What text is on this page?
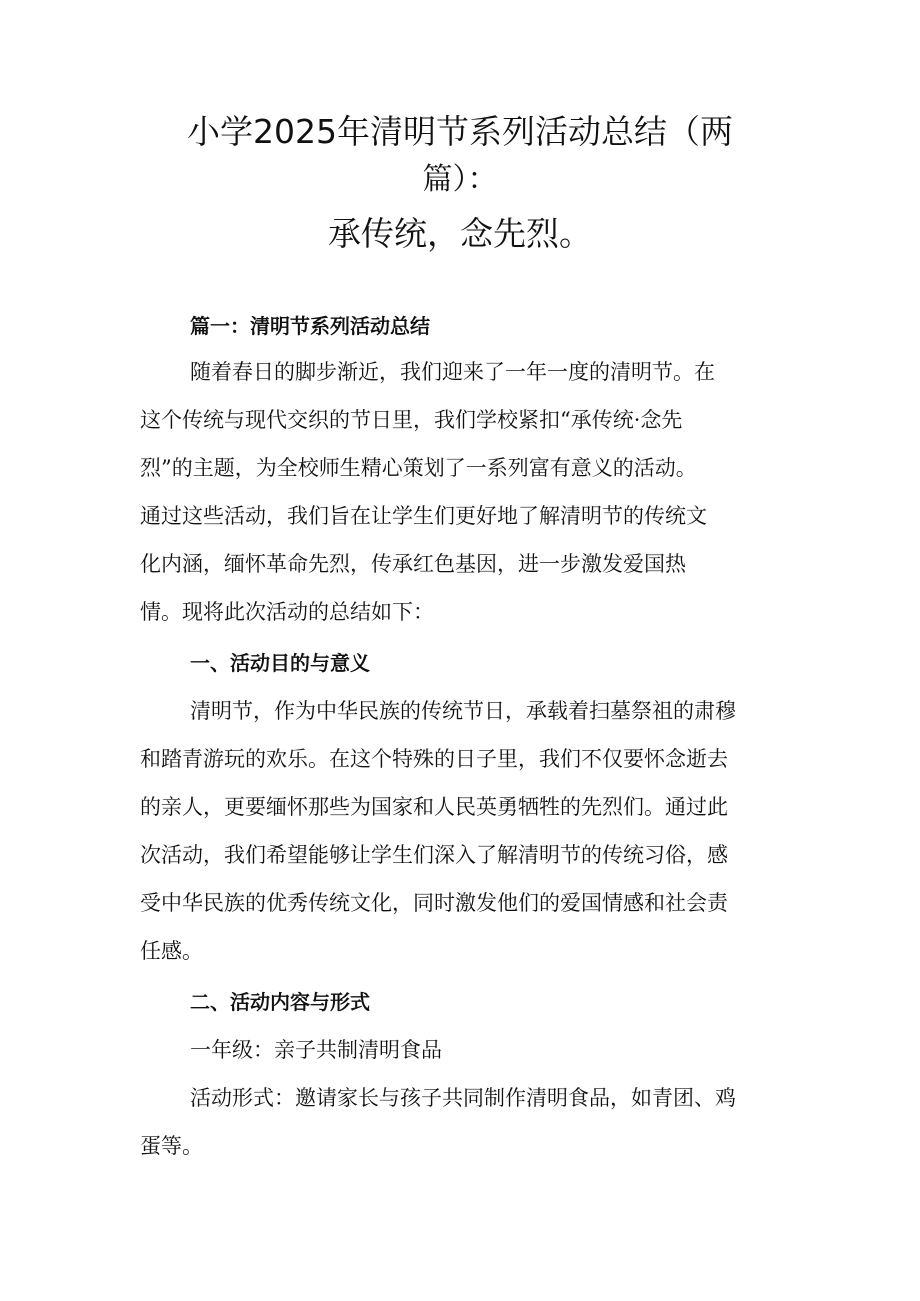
小学2025年清明节系列活动总结（两
篇）：
承传统，念先烈。
篇一：清明节系列活动总结
随着春日的脚步渐近，我们迎来了一年一度的清明节。在
这个传统与现代交织的节日里，我们学校紧扣“承传统·念先
烈”的主题，为全校师生精心策划了一系列富有意义的活动。
通过这些活动，我们旨在让学生们更好地了解清明节的传统文
化内涵，缅怀革命先烈，传承红色基因，进一步激发爱国热
情。现将此次活动的总结如下：
一、活动目的与意义
清明节，作为中华民族的传统节日，承载着扫墓祭祖的肃穆
和踏青游玩的欢乐。在这个特殊的日子里，我们不仅要怀念逝去
的亲人，更要缅怀那些为国家和人民英勇牺牲的先烈们。通过此
次活动，我们希望能够让学生们深入了解清明节的传统习俗，感
受中华民族的优秀传统文化，同时激发他们的爱国情感和社会责
任感。
二、活动内容与形式
一年级：亲子共制清明食品
活动形式：邀请家长与孩子共同制作清明食品，如青团、鸡
蛋等。
